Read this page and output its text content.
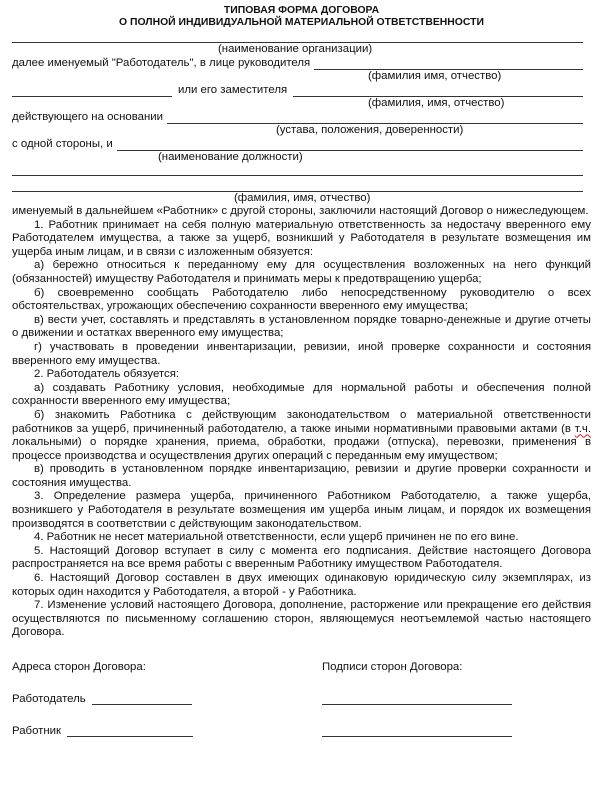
ТИПОВАЯ ФОРМА ДОГОВОРА

О ПОЛНОЙ ИНДИВИДУАЛЬНОЙ МАТЕРИАЛЬНОЙ ОТВЕТСТВЕННОСТИ

(наименование организации)
далее именуемый "Работодатель", в лице руководителя
(фамилия имя, отчество)
или его заместителя
(фамилия, имя, отчество)
действующего на основании
(устава, положения, доверенности)
с одной стороны, и
(наименование должности)
(фамилия, имя, отчество)

именуемый в дальнейшем «Работник» с другой стороны, заключили настоящий Договор о нижеследующем.

1. Работник принимает на себя полную материальную ответственность за недостачу вверенного ему Работодателем имущества, а также за ущерб, возникший у Работодателя в результате возмещения им ущерба иным лицам, и в связи с изложенным обязуется:

а) бережно относиться к переданному ему для осуществления возложенных на него функций (обязанностей) имуществу Работодателя и принимать меры к предотвращению ущерба;

б) своевременно сообщать Работодателю либо непосредственному руководителю о всех обстоятельствах, угрожающих обеспечению сохранности вверенного ему имущества;

в) вести учет, составлять и представлять в установленном порядке товарно-денежные и другие отчеты о движении и остатках вверенного ему имущества;

г) участвовать в проведении инвентаризации, ревизии, иной проверке сохранности и состояния вверенного ему имущества.

2. Работодатель обязуется:

а) создавать Работнику условия, необходимые для нормальной работы и обеспечения полной сохранности вверенного ему имущества;

б) знакомить Работника с действующим законодательством о материальной ответственности работников за ущерб, причиненный работодателю, а также иными нормативными правовыми актами (в т.ч. локальными) о порядке хранения, приема, обработки, продажи (отпуска), перевозки, применения в процессе производства и осуществления других операций с переданным ему имуществом;

в) проводить в установленном порядке инвентаризацию, ревизии и другие проверки сохранности и состояния имущества.

3. Определение размера ущерба, причиненного Работником Работодателю, а также ущерба, возникшего у Работодателя в результате возмещения им ущерба иным лицам, и порядок их возмещения производятся в соответствии с действующим законодательством.

4. Работник не несет материальной ответственности, если ущерб причинен не по его вине.

5. Настоящий Договор вступает в силу с момента его подписания. Действие настоящего Договора распространяется на все время работы с вверенным Работнику имуществом Работодателя.

6. Настоящий Договор составлен в двух имеющих одинаковую юридическую силу экземплярах, из которых один находится у Работодателя, а второй - у Работника.

7. Изменение условий настоящего Договора, дополнение, расторжение или прекращение его действия осуществляются по письменному соглашению сторон, являющемуся неотъемлемой частью настоящего Договора.

Адреса сторон Договора:	Подписи сторон Договора:
Работодатель
Работник
